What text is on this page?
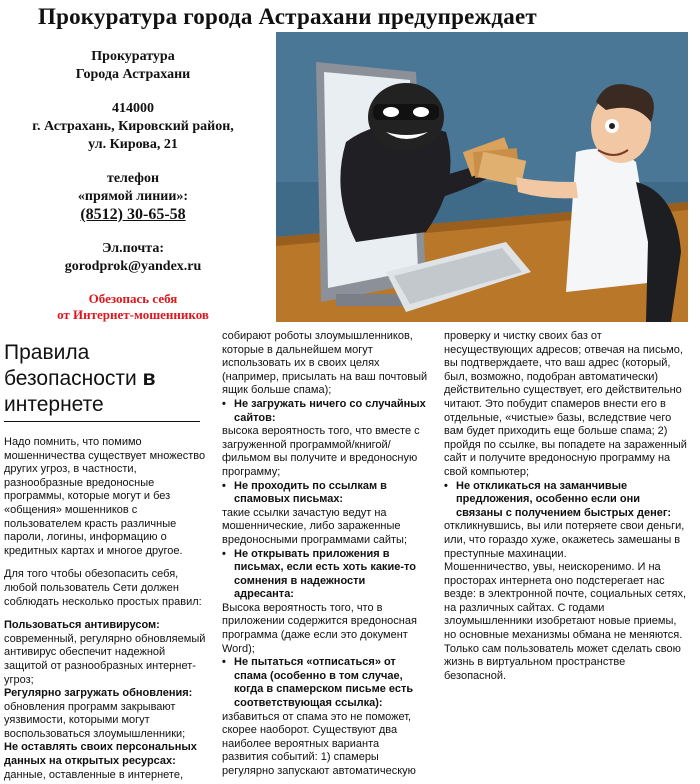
Прокуратура города Астрахани предупреждает
Прокуратура
Города Астрахани
414000
г. Астрахань, Кировский район,
ул. Кирова, 21
телефон
«прямой линии»:
(8512) 30-65-58
Эл.почта:
gorodprok@yandex.ru
Обезопась себя
от Интернет-мошенников
Правила безопасности в интернете

Надо помнить, что помимо мошенничества существует множество других угроз, в частности, разнообразные вредоносные программы, которые могут и без «общения» мошенников с пользователем красть различные пароли, логины, информацию о кредитных картах и многое другое.

Для того чтобы обезопасить себя, любой пользователь Сети должен соблюдать несколько простых правил:

Пользоваться антивирусом:
современный, регулярно обновляемый антивирус обеспечит надежной защитой от разнообразных интернет-угроз;
Регулярно загружать обновления:
обновления программ закрывают уязвимости, которыми могут воспользоваться злоумышленники;
Не оставлять своих персональных данных на открытых ресурсах:
данные, оставленные в интернете,
собирают роботы злоумышленников, которые в дальнейшем могут использовать их в своих целях (например, присылать на ваш почтовый ящик больше спама);
• Не загружать ничего со случайных сайтов:
высока вероятность того, что вместе с загруженной программой/книгой/фильмом вы получите и вредоносную программу;
• Не проходить по ссылкам в спамовых письмах:
такие ссылки зачастую ведут на мошеннические, либо зараженные вредоносными программами сайты;
• Не открывать приложения в письмах, если есть хоть какие-то сомнения в надежности адресанта:
Высока вероятность того, что в приложении содержится вредоносная программа (даже если это документ Word);
• Не пытаться «отписаться» от спама (особенно в том случае, когда в спамерском письме есть соответствующая ссылка):
избавиться от спама это не поможет, скорее наоборот. Существуют два наиболее вероятных варианта развития событий: 1) спамеры регулярно запускают автоматическую
проверку и чистку своих баз от несуществующих адресов; отвечая на письмо, вы подтверждаете, что ваш адрес (который, был, возможно, подобран автоматически) действительно существует, его действительно читают. Это побудит спамеров внести его в отдельные, «чистые» базы, вследствие чего вам будет приходить еще больше спама; 2) пройдя по ссылке, вы попадете на зараженный сайт и получите вредоносную программу на свой компьютер;
• Не откликаться на заманчивые предложения, особенно если они связаны с получением быстрых денег:
откликнувшись, вы или потеряете свои деньги, или, что гораздо хуже, окажетесь замешаны в преступные махинации.
Мошенничество, увы, неискоренимо. И на просторах интернета оно подстерегает нас везде: в электронной почте, социальных сетях, на различных сайтах. С годами злоумышленники изобретают новые приемы, но основные механизмы обмана не меняются. Только сам пользователь может сделать свою жизнь в виртуальном пространстве безопасной.
